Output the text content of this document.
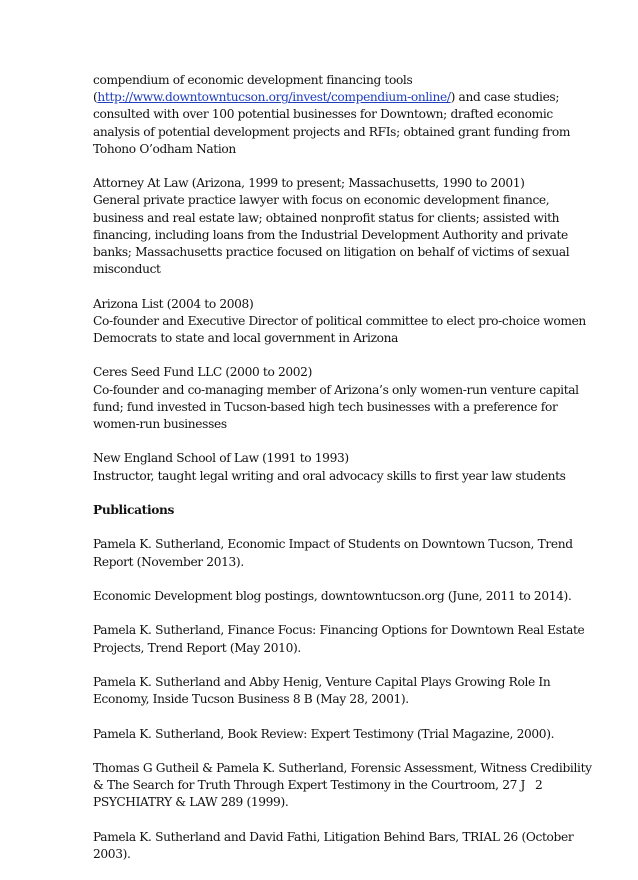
compendium of economic development financing tools
(http://www.downtowntucson.org/invest/compendium-online/) and case studies;
consulted with over 100 potential businesses for Downtown; drafted economic
analysis of potential development projects and RFIs; obtained grant funding from
Tohono O’odham Nation
Attorney At Law (Arizona, 1999 to present; Massachusetts, 1990 to 2001)
General private practice lawyer with focus on economic development finance,
business and real estate law; obtained nonprofit status for clients; assisted with
financing, including loans from the Industrial Development Authority and private
banks; Massachusetts practice focused on litigation on behalf of victims of sexual
misconduct
Arizona List (2004 to 2008)
Co-founder and Executive Director of political committee to elect pro-choice women
Democrats to state and local government in Arizona
Ceres Seed Fund LLC (2000 to 2002)
Co-founder and co-managing member of Arizona’s only women-run venture capital
fund; fund invested in Tucson-based high tech businesses with a preference for
women-run businesses
New England School of Law (1991 to 1993)
Instructor, taught legal writing and oral advocacy skills to first year law students
Publications
Pamela K. Sutherland, Economic Impact of Students on Downtown Tucson, Trend
Report (November 2013).
Economic Development blog postings, downtowntucson.org (June, 2011 to 2014).
Pamela K. Sutherland, Finance Focus: Financing Options for Downtown Real Estate
Projects, Trend Report (May 2010).
Pamela K. Sutherland and Abby Henig, Venture Capital Plays Growing Role In
Economy, Inside Tucson Business 8 B (May 28, 2001).
Pamela K. Sutherland, Book Review: Expert Testimony (Trial Magazine, 2000).
Thomas G Gutheil & Pamela K. Sutherland, Forensic Assessment, Witness Credibility
& The Search for Truth Through Expert Testimony in the Courtroom, 27 J
PSYCHIATRY & LAW 289 (1999).
Pamela K. Sutherland and David Fathi, Litigation Behind Bars, TRIAL 26 (October
2003).
2
